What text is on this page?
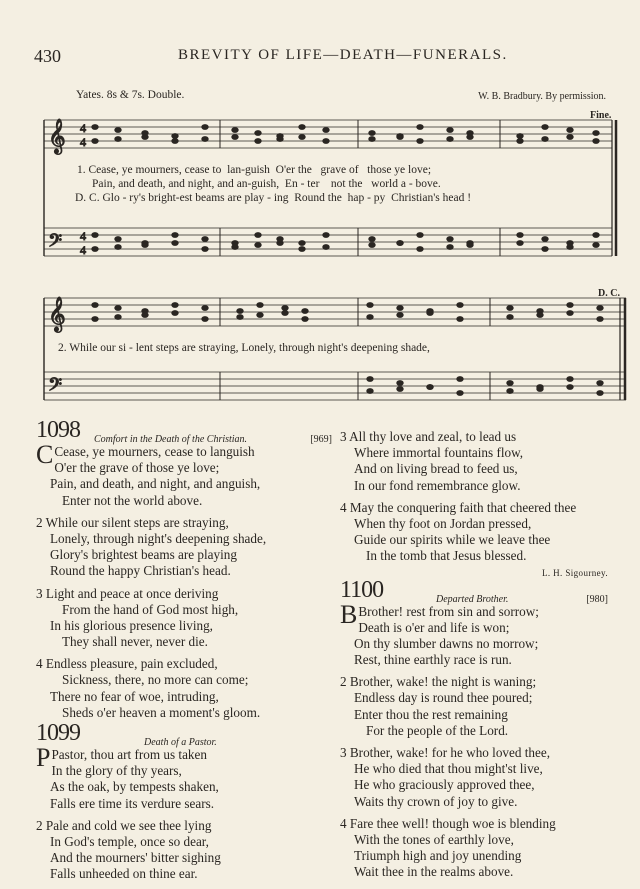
430	BREVITY OF LIFE—DEATH—FUNERALS.
Yates. 8s & 7s. Double.	W. B. Bradbury. By permission.
𝄞
𝄢
𝄞
𝄢
4
4
4
4
Fine.
D. C.
1. Cease, ye mourners, cease to lan-guish O'er the grave of those ye love;
Pain, and death, and night, and an-guish, En - ter not the world a - bove.
D. C. Glo - ry's bright-est beams are play - ing Round the hap - py Christian's head !
2. While our si - lent steps are straying, Lonely, through night's deepening shade,
1098 Comfort in the Death of the Christian.	[969]
C Cease, ye mourners, cease to languish
O'er the grave of those ye love;
Pain, and death, and night, and anguish,
Enter not the world above.
2 While our silent steps are straying,
Lonely, through night's deepening shade,
Glory's brightest beams are playing
Round the happy Christian's head.
3 Light and peace at once deriving
From the hand of God most high,
In his glorious presence living,
They shall never, never die.
4 Endless pleasure, pain excluded,
Sickness, there, no more can come;
There no fear of woe, intruding,
Sheds o'er heaven a moment's gloom.
1099	Death of a Pastor.
P Pastor, thou art from us taken
In the glory of thy years,
As the oak, by tempests shaken,
Falls ere time its verdure sears.
2 Pale and cold we see thee lying
In God's temple, once so dear,
And the mourners' bitter sighing
Falls unheeded on thine ear.
3 All thy love and zeal, to lead us
Where immortal fountains flow,
And on living bread to feed us,
In our fond remembrance glow.
4 May the conquering faith that cheered thee
When thy foot on Jordan pressed,
Guide our spirits while we leave thee
In the tomb that Jesus blessed.
L. H. Sigourney.
1100	Departed Brother.	[980]
B Brother! rest from sin and sorrow;
Death is o'er and life is won;
On thy slumber dawns no morrow;
Rest, thine earthly race is run.
2 Brother, wake! the night is waning;
Endless day is round thee poured;
Enter thou the rest remaining
For the people of the Lord.
3 Brother, wake! for he who loved thee,
He who died that thou might'st live,
He who graciously approved thee,
Waits thy crown of joy to give.
4 Fare thee well! though woe is blending
With the tones of earthly love,
Triumph high and joy unending
Wait thee in the realms above.
